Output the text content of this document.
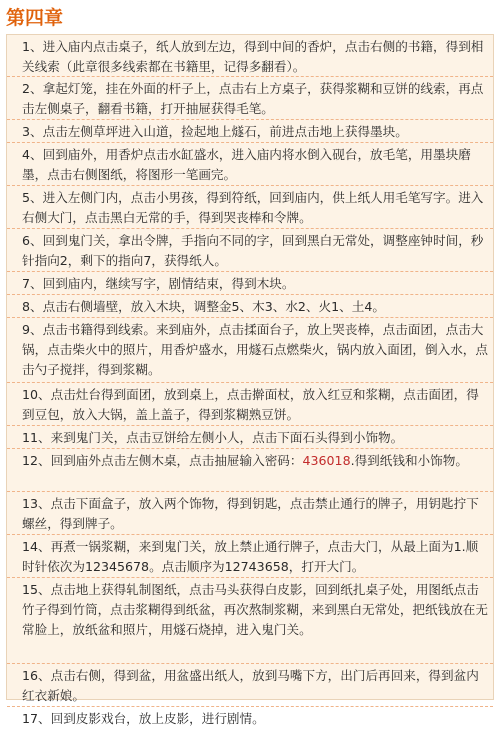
第四章
1、进入庙内点击桌子，纸人放到左边，得到中间的香炉，点击右侧的书籍，得到相关线索（此章很多线索都在书籍里，记得多翻看）。
2、拿起灯笼，挂在外面的杆子上，点击右上方桌子，获得浆糊和豆饼的线索，再点击左侧桌子，翻看书籍，打开抽屉获得毛笔。
3、点击左侧草坪进入山道，捡起地上燧石，前进点击地上获得墨块。
4、回到庙外，用香炉点击水缸盛水，进入庙内将水倒入砚台，放毛笔，用墨块磨墨，点击右侧图纸，将图形一笔画完。
5、进入左侧门内，点击小男孩，得到符纸，回到庙内，供上纸人用毛笔写字。进入右侧大门，点击黑白无常的手，得到哭丧棒和令牌。
6、回到鬼门关，拿出令牌，手指向不同的字，回到黑白无常处，调整座钟时间，秒针指向2，剩下的指向7，获得纸人。
7、回到庙内，继续写字，剧情结束，得到木块。
8、点击右侧墙壁，放入木块，调整金5、木3、水2、火1、土4。
9、点击书籍得到线索。来到庙外，点击揉面台子，放上哭丧棒，点击面团，点击大锅，点击柴火中的照片，用香炉盛水，用燧石点燃柴火，锅内放入面团，倒入水，点击勺子搅拌，得到浆糊。
10、点击灶台得到面团，放到桌上，点击擀面杖，放入红豆和浆糊，点击面团，得到豆包，放入大锅，盖上盖子，得到浆糊熟豆饼。
11、来到鬼门关，点击豆饼给左侧小人，点击下面石头得到小饰物。
12、回到庙外点击左侧木桌，点击抽屉输入密码：436018.得到纸钱和小饰物。
13、点击下面盒子，放入两个饰物，得到钥匙，点击禁止通行的牌子，用钥匙拧下螺丝，得到牌子。
14、再煮一锅浆糊，来到鬼门关，放上禁止通行牌子，点击大门，从最上面为1.顺时针依次为12345678。点击顺序为12743658，打开大门。
15、点击地上获得轧制图纸，点击马头获得白皮影，回到纸扎桌子处，用图纸点击竹子得到竹筒，点击浆糊得到纸盆，再次熬制浆糊，来到黑白无常处，把纸钱放在无常脸上，放纸盆和照片，用燧石烧掉，进入鬼门关。
16、点击右侧，得到盆，用盆盛出纸人，放到马嘴下方，出门后再回来，得到盆内红衣新娘。
17、回到皮影戏台，放上皮影，进行剧情。
